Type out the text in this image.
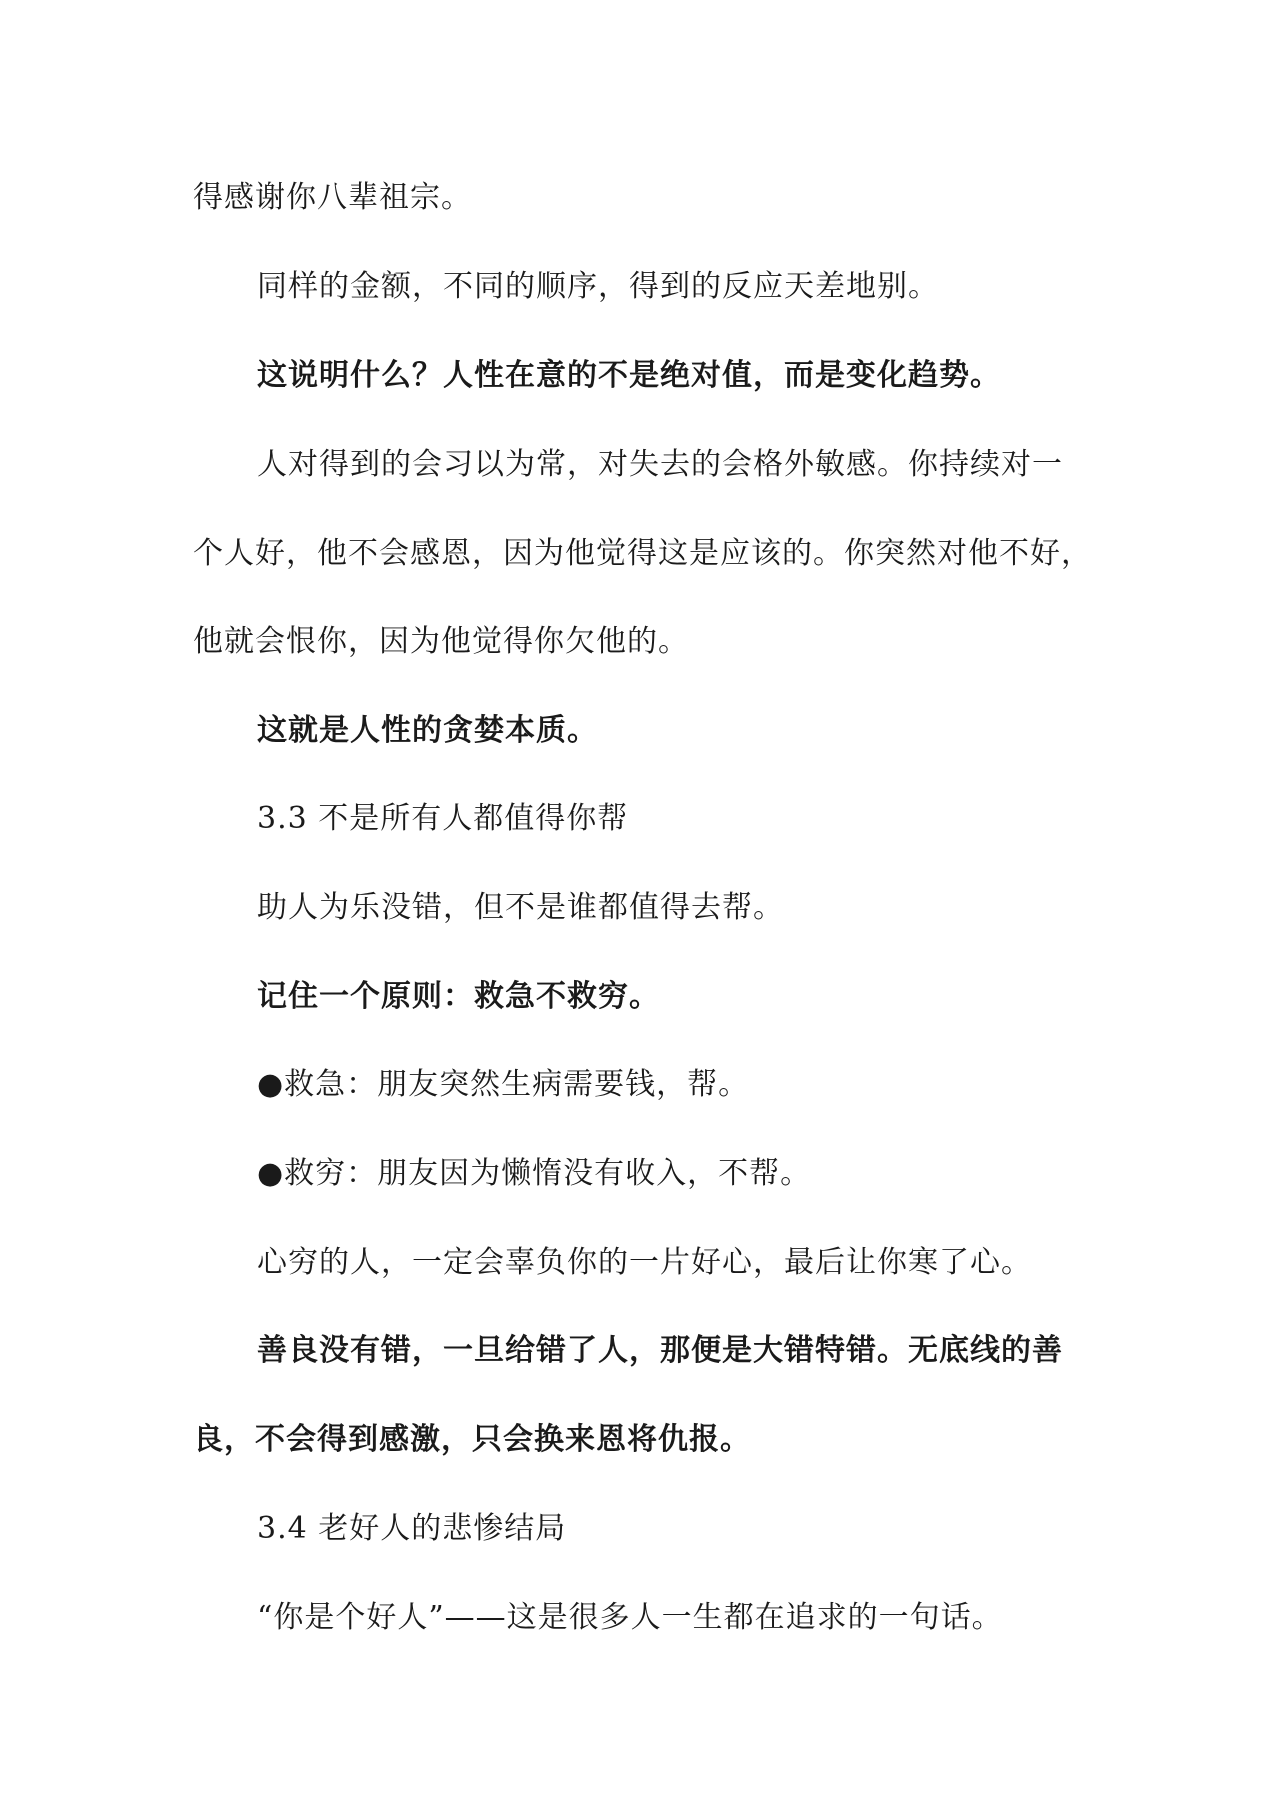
得感谢你八辈祖宗。
同样的金额，不同的顺序，得到的反应天差地别。
这说明什么？人性在意的不是绝对值，而是变化趋势。
人对得到的会习以为常，对失去的会格外敏感。你持续对一
个人好，他不会感恩，因为他觉得这是应该的。你突然对他不好，
他就会恨你，因为他觉得你欠他的。
这就是人性的贪婪本质。
3.3 不是所有人都值得你帮
助人为乐没错，但不是谁都值得去帮。
记住一个原则：救急不救穷。
●救急：朋友突然生病需要钱，帮。
●救穷：朋友因为懒惰没有收入，不帮。
心穷的人，一定会辜负你的一片好心，最后让你寒了心。
善良没有错，一旦给错了人，那便是大错特错。无底线的善
良，不会得到感激，只会换来恩将仇报。
3.4 老好人的悲惨结局
“你是个好人”——这是很多人一生都在追求的一句话。
